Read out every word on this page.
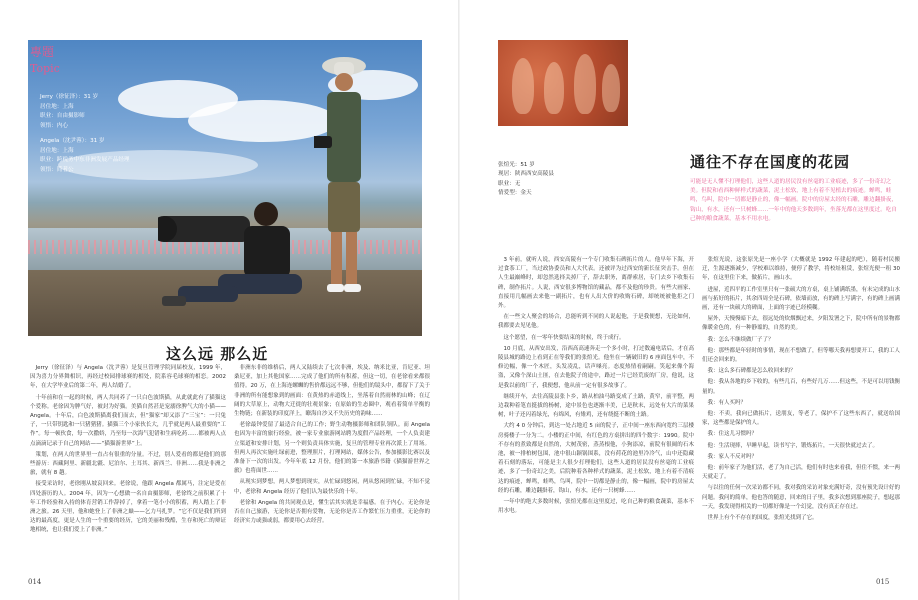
專題
Topic
Jerry（徐征泽）：31 岁
居住地：上海
职业：自由摄影师
领悟：内心
Angela（沈尹蓉）：31 岁
居住地：上海
职业：跨税务中东非洲发展产品经理
领悟：简者公
这么远 那么近

Jerry（徐征泽）与 Angela（沈尹蓉）是复旦管理学院同届校友，1999 年，因为喜力分界舞相识，再经过校园排球赛的相处，院系容毛球赛的相恋。2002 年，在大学毕业后的第二年，两人结婚了。

十年前和在一起的时候，两人共同养了一只白色波斯猫，从此就此有了猫猫这个爱称。老徐因为脾气好，被封为好猫。美猫自然甚是宠溺徐脾气大的小猫——Angela。十年后，白色波斯猫离我们而去，但“猫家”却又添了“三宝”：一只兔子，一只带钥匙和一只猪猪猪。猫猫三个小家伙长大，几乎就是两人最重要的“工作”。每一顿伙食，每一次撒娇，乃至每一次海气犯错和生病吃药……都被两人点点滴滴记录于自己的网站——“猫猫游世界”上。

策划，在两人的世界里一直占有很重的分量。不过，别人爱看的都是他们的那些游历：西藏阿里、新疆北疆、尼泊尔、土耳其、新西兰、非洲……我是非洲之旅，就有 8 趟。

接受采访时，老徐刚从坡哀回来。老徐说，他跟 Angela 都属马，注定是爱在四处游历的人。2004 年，因为一心想做一名自由摄影师，老徐终之前积累了十年工作经验和入持的体育营销工作辞掉了，拿着一笔小小的积蓄，两人踏上了非洲之旅。26 天里，他和她登上了非洲之巅——乞力马扎罗。“它不仅是我们所到达的最高度，更是人生的一个重要的经历，它的美丽和残酷，生存和死亡的辩证地相统，也让我们爱上了非洲。”

非洲东非的维格后，两人又陆续去了七次非洲，埃及、纳米比亚，肯尼亚、坦桑尼亚，加上其他国家……完成了他们的所有积蓄，但这一切，在老徐看来都很值得。20 万，在上海连螺蛳的售价都远远不够，但他们的镜头中，都留下了关于非洲的所有能想象到的画面：在黄热的赤道线上，坐落着自然雨林的山峰；在辽阔的大草原上，动物大迁徙的壮观景象；在原始的生态圈中，观看着简单平衡的生物链；在新装的印度洋上，瞭海自沙又不失历史的韵味……

老徐最钟爱留了最适合自己的工作；野生动物摄影师和团队领队。而 Angela 也因为丰富的旅行经验，被一家专业旅游网站聘为度假产品经理，一个人负责建立渠道和安排计划，另一个则负责具体实施，复旦的管理专业再次派上了用场。但两人再次实施吐绿前进，整理照片，打理网站，媒体公告，参加摄影比赛以及准备下一次的出发。今年年底 12 月份，他们的第一本旅游书籍《猫猫游世界之旅》也将面世……

从现实到梦想，两人梦想到现实，从忙碌到悠闲，两从悠闲到忙碌，不知不觉中，老徐和 Angela 经历了他们认为最快乐的十年。

老徐和 Angela 的共同观点是，懂生活其实就是幸福感。在于内心。无论你是否在自己旅游，无论你是否拥有爱物，无论你是否工作繁忙压力重重，无论你的经济实力或强或弱，都要用心去经营。

014
张煊光：51 岁
现居：陕西西安高陵县
职业：无
情爱型：金天
通往不存在国度的花园
可能是无人懂不打理他们，这些人道的居民没有丝毫的工业痕迹，多了一份奇幻之美。但院和看西种鲜样式的蔬菜，泥土松软，地上有着不见植去的痕迹。蝉鸣，蛙鸣，鸟叫，院中一切都是静止的，像一幅画。院中的房屋太经的石雕，雕边翻掛夜，钩山，有水，还有一只树蜂……一年中的他天多数到年，坐落光都在这里度过。吃自己种的粮食蔬菜，基本不用水电。

3 年前，就听人说，西安高陵有一个专门收集石碑拓片的人。他早年下海，开过食茶工厂，当过政协委员和人大代表。还被评为过西安的新长征突击手。但在人生最巅峰时，却忽然选择关掉厂子，辞去职务，离群索居，专门去乡下收集石碑，制作拓片。人说，西安很多博物馆的藏品，都不及他的珍贵。有些大画家、直接用几幅画去来他一副拓片，也有人出大价的收购石碑，却统统被他拒之门外。

在一些文人聚会的场合，总能听到不同的人说起他，于是我便想，无论如何，我都要去见见他。

这个愿望，在一零年快要结束的时候，终于成行。

10 月底，从西安出发，沿西高高速奔走一个多小时，打过数遍电话后，才在高陵县城的路边上看到正在等我们的张煊光。他坐在一辆破旧的 6 座面包车中，不修边幅，像一个木匠，头发凌乱，话声嗓亮。态度热情看嗣嗣。笑起来像个海盗，又像个深山土匪，在去他院子的途中，路过一片已经荒废的厂房，他说，这是我以前的厂子，我便想，他从前一定有很多故事了。

继续开车，去往高陵县张卜乡，路从柏油马路变成了土路，黄窄，前平整，两边栽种着笔直挺拔的杨树，途中景色也逐渐丰美，已是秋末，远处有大片的菜果树，叶子还闪着绿光，有绵风，有雉鸡，还有绕挺不断的土路。

大约 4 0 分钟后，到达一处占地近 5 亩的院子，正中间一座东西向宽约三层楼房骑楼子一分为二。小楼的正中间，有红色的方桌拼出的四个数字：1990。院中不存有的煮致都是自然的，大树茂密，蒸蒸根他，小狗添凉，前院有很阔的石木池，被一排柏树包围，池中很山颖锅围系，没有荷花的池里冷冷气，山中还隐藏着石刻的落坛，可能是主人很少打理他们，这些人道的居民没有丝毫的工业痕迹，多了一份奇幻之美，后院种着各种样式的蔬菜，泥土松软，地上有着不清痕达的痕迹，蝉鸣，蛙鸣，鸟叫，院中一切都是静止的，像一幅画，院中的房屋太经的石雕，雕边翻掛着，钩山，有水，还有一只树蜂……

一年中的绝大多数时候，张煊光都在这里度过，吃自己种的粮食蔬菜，基本不用水电。

张煊光说，这张原先是一座小学（大概就是 1992 年建起的吧），随着村民搬迁，生源逐渐减少，学校难以维持，便停了教学，将校址租赁，张煊光便一租 30 年，在这里住下来，做拓片，画山水。

进屋，近四平的工作室里只有一张硕大的方桌，桌上铺满纸墨，有未完成的山水画与拓好的拓片，其余四周全是石碑，依墙而放，有的碑上写满字，有的碑上画满画，还有一块硕大的碑面，上面的字迹已经模糊。

屋外，天慢慢暗下去，很远处的炊烟飘过来，夕阳发署之下，院中所有的景物都像暖金色的，有一种静谧的，自然的美。

我：怎么不继续做厂子了？

他：那些都是年轻时的事情，现在不想做了，但等哪天我再想要开工，我的工人们还会回来的。

我：这么多石碑都是怎么收回来的？

他：我从各地的乡下收的，有些几百，有些好几万……但这些，不是可以用钱衡量的。

我：有人买吗？

他：不卖，我向已做拓片，送朋友，等老了，保护不了这些东西了，就送给国家，这些都是保护的人。

我：住这儿习惯吗？

他：生活现摔，早睡早起，读书写字，锻炼拓片，一天很快就过去了。

我：家人不反对吗？

他：前年家子为他们活，老了为自己活，他们有时也来看我，但住不惯，来一两天就走了。

与以往的任何一次采访都不同，我对我的采访对象充满好奇，没有预先设计好的问题。我问的简单，他也答的随意，回来的日子里，我多次想到那座院子，想起那一天，我发现得相关的一切都好像是一个幻觉，没有真正存在过。

世界上有个不存在的国度，张煊光找到了它。

015
